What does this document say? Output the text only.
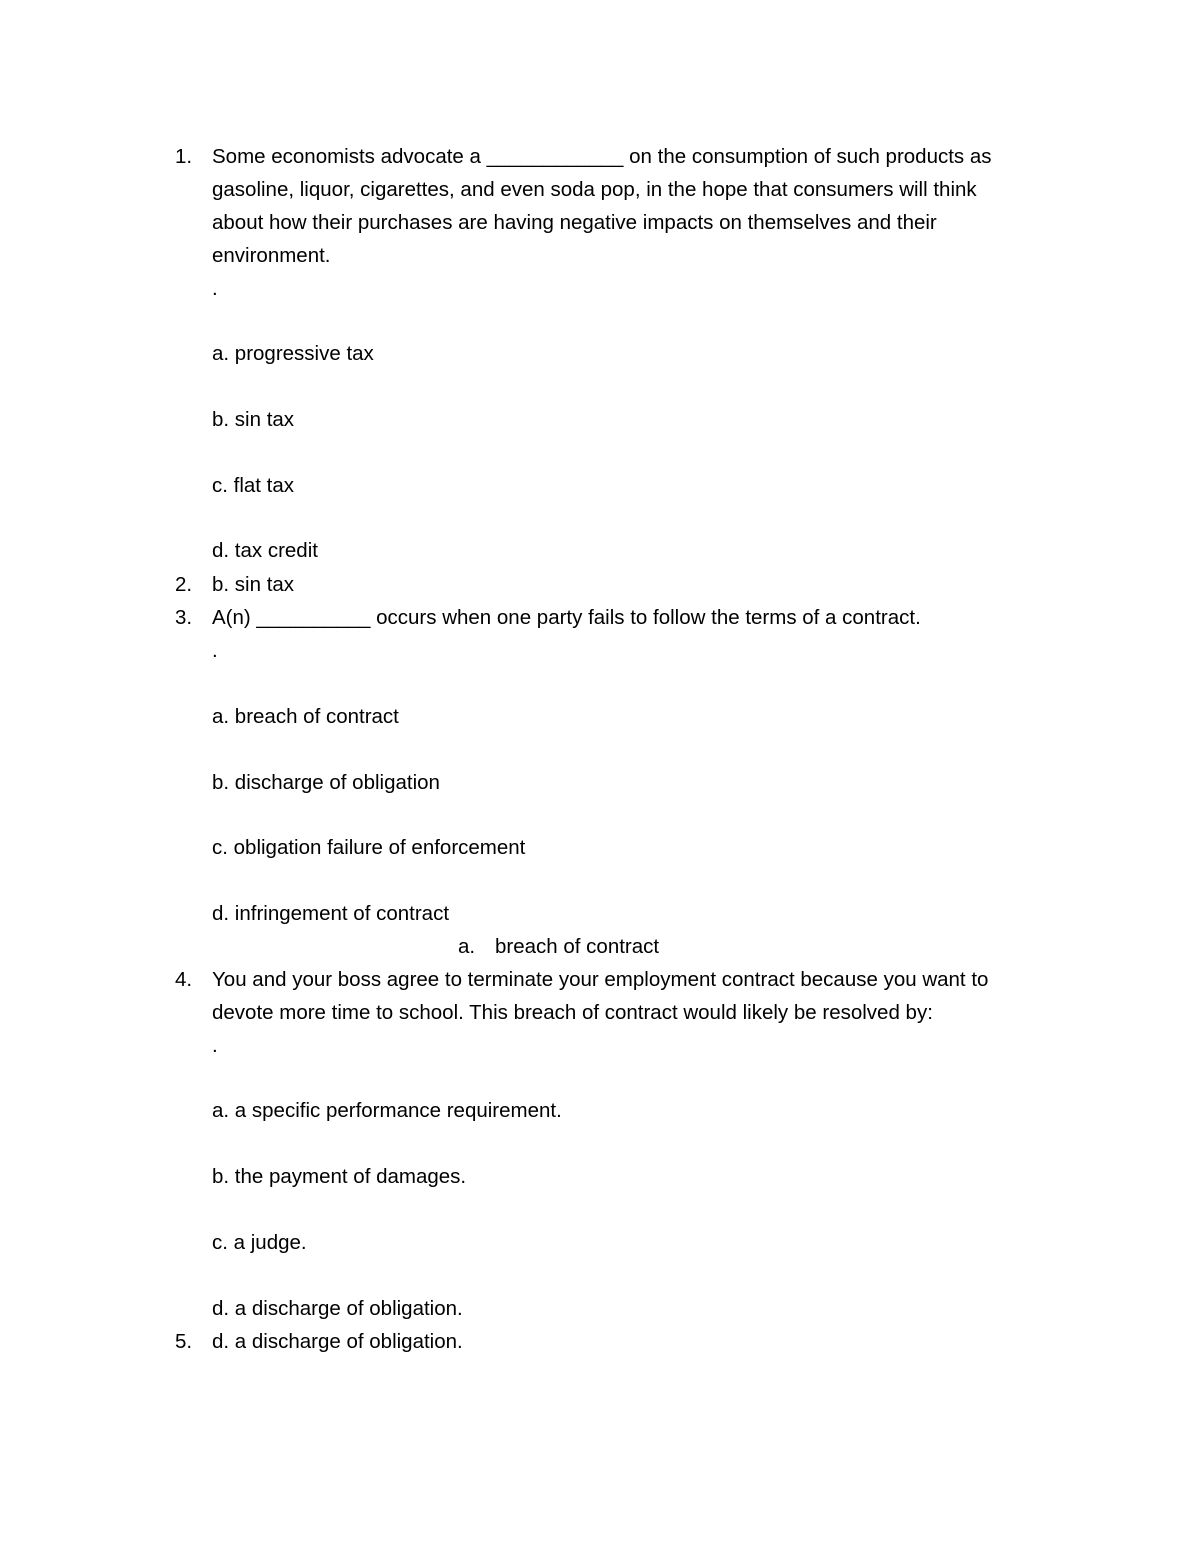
1. Some economists advocate a ____________ on the consumption of such products as
gasoline, liquor, cigarettes, and even soda pop, in the hope that consumers will think
about how their purchases are having negative impacts on themselves and their
environment.
.
a. progressive tax
b. sin tax
c. flat tax
d. tax credit
2. b. sin tax
3. A(n) __________ occurs when one party fails to follow the terms of a contract.
.
a. breach of contract
b. discharge of obligation
c. obligation failure of enforcement
d. infringement of contract
a. breach of contract
4. You and your boss agree to terminate your employment contract because you want to
devote more time to school. This breach of contract would likely be resolved by:
.
a. a specific performance requirement.
b. the payment of damages.
c. a judge.
d. a discharge of obligation.
5. d. a discharge of obligation.
